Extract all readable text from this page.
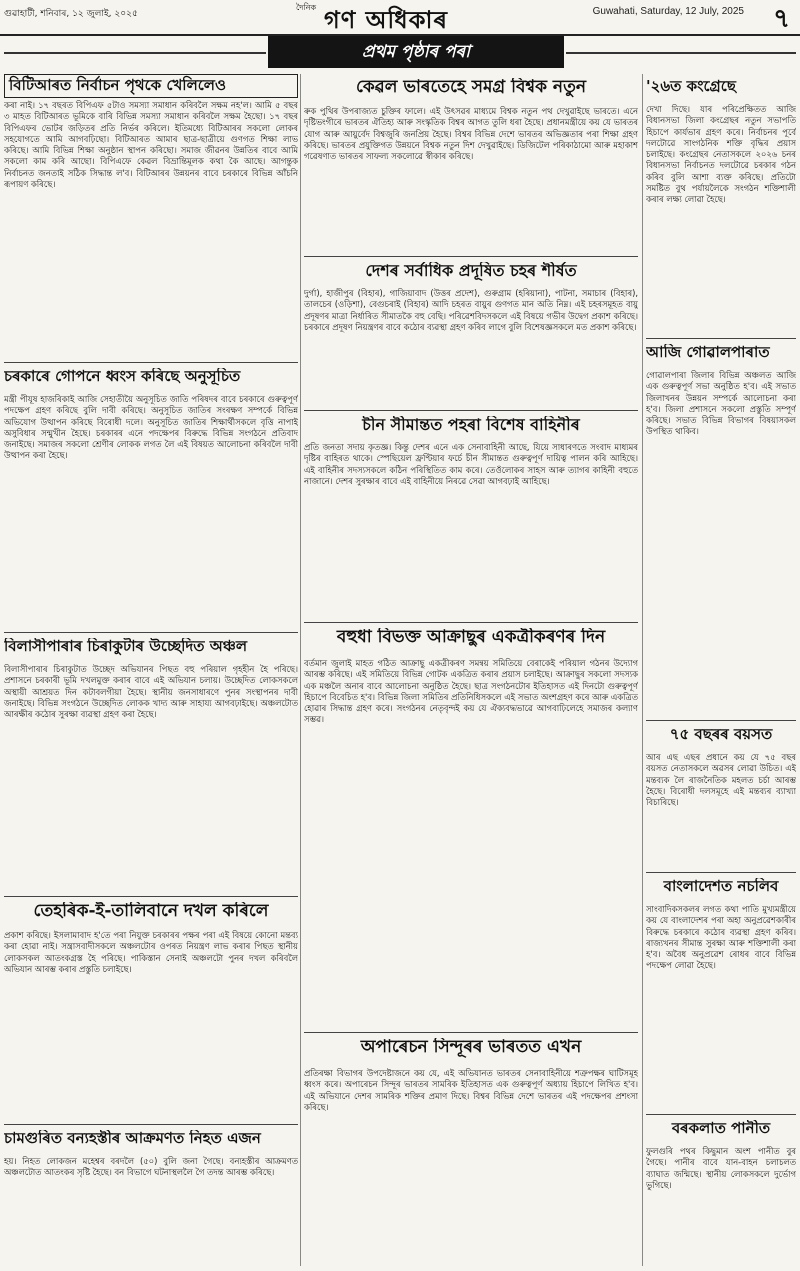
গুৱাহাটী, শনিবাৰ, ১২ জুলাই, ২০২৫
দৈনিক গণ অধিকাৰ	Guwahati, Saturday, 12 July, 2025 ৭
প্ৰথম পৃষ্ঠাৰ পৰা
বিটিআৰত নিৰ্বাচন পৃথকে খেলিলেও

কৰা নাই। ১৭ বছৰত বিপিএফ ৫টাও সমস্যা সমাধান কৰিবলৈ সক্ষম নহ'ল। আমি ৫ বছৰ ৩ মাহত বিটিআৰত ভূমিকে বাৰি বিভিন্ন সমস্যা সমাধান কৰিবলৈ সক্ষম হৈছো। ১৭ বছৰ বিপিএফৰ ভোটৰ জড়িতৰ প্ৰতি নিৰ্ভৰ কৰিলে। ইতিমধ্যে বিটিআৰৰ সকলো লোকৰ সহযোগতে আমি আগবঢ়িছো। বিটিআৰত আমাৰ ছাত্ৰ-ছাত্ৰীয়ে গুণগত শিক্ষা লাভ কৰিছে। আমি বিভিন্ন শিক্ষা অনুষ্ঠান স্থাপন কৰিছো। সমাজ জীৱনৰ উন্নতিৰ বাবে আমি সকলো কাম কৰি আছো। বিপিএফে কেৱল বিভ্ৰান্তিমূলক কথা কৈ আছে। আগন্তুক নিৰ্বাচনত জনতাই সঠিক সিদ্ধান্ত ল'ব। বিটিআৰৰ উন্নয়নৰ বাবে চৰকাৰে বিভিন্ন আঁচনি ৰূপায়ণ কৰিছে।

চৰকাৰে গোপনে ধ্বংস কৰিছে অনুসূচিত

মন্ত্ৰী পীযূষ হাজৰিকাই আজি সেহাতীয়ৈ অনুসূচিত জাতি পৰিষদৰ বাবে চৰকাৰে গুৰুত্বপূৰ্ণ পদক্ষেপ গ্ৰহণ কৰিছে বুলি দাবী কৰিছে। অনুসূচিত জাতিৰ সংৰক্ষণ সম্পৰ্কে বিভিন্ন অভিযোগ উত্থাপন কৰিছে বিৰোধী দলে। অনুসূচিত জাতিৰ শিক্ষাৰ্থীসকলে বৃত্তি নাপাই অসুবিধাৰ সন্মুখীন হৈছে। চৰকাৰৰ এনে পদক্ষেপৰ বিৰুদ্ধে বিভিন্ন সংগঠনে প্ৰতিবাদ জনাইছে। সমাজৰ সকলো শ্ৰেণীৰ লোকক লগত লৈ এই বিষয়ত আলোচনা কৰিবলৈ দাবী উত্থাপন কৰা হৈছে।

বিলাসীপাৰাৰ চিৰাকুটাৰ উচ্ছেদিত অঞ্চল

বিলাসীপাৰাৰ চিৰাকুটাত উচ্ছেদ অভিযানৰ পিছত বহু পৰিয়াল গৃহহীন হৈ পৰিছে। প্ৰশাসনে চৰকাৰী ভূমি দখলমুক্ত কৰাৰ বাবে এই অভিযান চলায়। উচ্ছেদিত লোকসকলে অস্থায়ী আশ্ৰয়ত দিন কটাবলগীয়া হৈছে। স্থানীয় জনসাধাৰণে পুনৰ সংস্থাপনৰ দাবী জনাইছে। বিভিন্ন সংগঠনে উচ্ছেদিত লোকক খাদ্য আৰু সাহায্য আগবঢ়াইছে। অঞ্চলটোত আৰক্ষীৰ কঠোৰ সুৰক্ষা ব্যৱস্থা গ্ৰহণ কৰা হৈছে।

তেহৰিক-ই-তালিবানে দখল কৰিলে

প্ৰকাশ কৰিছে। ইসলামাবাদ হ'তে পৰা নিযুক্ত চৰকাৰৰ পক্ষৰ পৰা এই বিষয়ে কোনো মন্তব্য কৰা হোৱা নাই। সন্ত্ৰাসবাদীসকলে অঞ্চলটোৰ ওপৰত নিয়ন্ত্ৰণ লাভ কৰাৰ পিছত স্থানীয় লোকসকল আতংকগ্ৰস্ত হৈ পৰিছে। পাকিস্তান সেনাই অঞ্চলটো পুনৰ দখল কৰিবলৈ অভিযান আৰম্ভ কৰাৰ প্ৰস্তুতি চলাইছে।

চামগুৰিত বন্যহস্তীৰ আক্ৰমণত নিহত এজন

হয়। নিহত লোকজন মহেশ্বৰ বৰদলৈ (৫০) বুলি জনা গৈছে। বন্যহস্তীৰ আক্ৰমণত অঞ্চলটোত আতংকৰ সৃষ্টি হৈছে। বন বিভাগে ঘটনাস্থললৈ গৈ তদন্ত আৰম্ভ কৰিছে।

কেৱল ভাৰতেহে সমগ্ৰ বিশ্বক নতুন

ৰুক পুথিৰ উপৰাজ্যত চুক্তিৰ ফালে। এই উৎসৱৰ মাধ্যমে বিশ্বক নতুন পথ দেখুৱাইছে ভাৰতে। এনে দৃষ্টিভংগীৰে ভাৰতৰ ঐতিহ্য আৰু সংস্কৃতিক বিশ্বৰ আগত তুলি ধৰা হৈছে। প্ৰধানমন্ত্ৰীয়ে কয় যে ভাৰতৰ যোগ আৰু আয়ুৰ্বেদ বিশ্বজুৰি জনপ্ৰিয় হৈছে। বিশ্বৰ বিভিন্ন দেশে ভাৰতৰ অভিজ্ঞতাৰ পৰা শিক্ষা গ্ৰহণ কৰিছে। ভাৰতৰ প্ৰযুক্তিগত উন্নয়নে বিশ্বক নতুন দিশ দেখুৱাইছে। ডিজিটেল পৰিকাঠামো আৰু মহাকাশ গৱেষণাত ভাৰতৰ সাফল্য সকলোৱে স্বীকাৰ কৰিছে।

দেশৰ সৰ্বাধিক প্ৰদূষিত চহৰ শীৰ্ষত

দুৰ্গা), হাজীপুৰ (বিহাৰ), গাজিয়াবাদ (উত্তৰ প্ৰদেশ), গুৰুগ্ৰাম (হৰিয়ানা), পাটনা, সমাচাৰ (বিহাৰ), তালচেৰ (ওড়িশা), বেগুচৰাই (বিহাৰ) আদি চহৰত বায়ুৰ গুণগত মান অতি নিম্ন। এই চহৰসমূহত বায়ু প্ৰদূষণৰ মাত্ৰা নিৰ্ধাৰিত সীমাতকৈ বহু বেছি। পৰিৱেশবিদসকলে এই বিষয়ে গভীৰ উদ্বেগ প্ৰকাশ কৰিছে। চৰকাৰে প্ৰদূষণ নিয়ন্ত্ৰণৰ বাবে কঠোৰ ব্যৱস্থা গ্ৰহণ কৰিব লাগে বুলি বিশেষজ্ঞসকলে মত প্ৰকাশ কৰিছে।

চীন সীমান্তত পহৰা বিশেষ বাহিনীৰ

প্ৰতি জনতা সদায় কৃতজ্ঞ। কিন্তু দেশৰ এনে এক সেনাবাহিনী আছে, যিয়ে সাধাৰণতে সংবাদ মাধ্যমৰ দৃষ্টিৰ বাহিৰত থাকে। স্পেছিয়েল ফ্ৰণ্টিয়াৰ ফৰ্চে চীন সীমান্তত গুৰুত্বপূৰ্ণ দায়িত্ব পালন কৰি আহিছে। এই বাহিনীৰ সদস্যসকলে কঠিন পৰিস্থিতিত কাম কৰে। তেওঁলোকৰ সাহস আৰু ত্যাগৰ কাহিনী বহুতে নাজানে। দেশৰ সুৰক্ষাৰ বাবে এই বাহিনীয়ে নিৰৱে সেৱা আগবঢ়াই আহিছে।

বহুধা বিভক্ত আক্ৰাছুৰ একত্ৰীকৰণৰ দিন

বৰ্তমান জুলাই মাহত গঠিত আক্ৰাছু একত্ৰীকৰণ সমন্বয় সমিতিয়ে বেৰাকেই পৰিয়াল গঠনৰ উদ্যোগ আৰম্ভ কৰিছে। এই সমিতিয়ে বিভিন্ন গোটক একত্ৰিত কৰাৰ প্ৰয়াস চলাইছে। আক্ৰাছুৰ সকলো সদস্যক এক মঞ্চলৈ অনাৰ বাবে আলোচনা অনুষ্ঠিত হৈছে। ছাত্ৰ সংগঠনটোৰ ইতিহাসত এই দিনটো গুৰুত্বপূৰ্ণ হিচাপে বিবেচিত হ'ব। বিভিন্ন জিলা সমিতিৰ প্ৰতিনিধিসকলে এই সভাত অংশগ্ৰহণ কৰে আৰু একত্ৰিত হোৱাৰ সিদ্ধান্ত গ্ৰহণ কৰে। সংগঠনৰ নেতৃবৃন্দই কয় যে ঐক্যবদ্ধভাৱে আগবাঢ়িলেহে সমাজৰ কল্যাণ সম্ভৱ।

অপাৰেচন সিন্দূৰৰ ভাৰতত এখন

প্ৰতিৰক্ষা বিভাগৰ উপদেষ্টাজনে কয় যে, এই অভিযানত ভাৰতৰ সেনাবাহিনীয়ে শত্ৰুপক্ষৰ ঘাটিসমূহ ধ্বংস কৰে। অপাৰেচন সিন্দূৰ ভাৰতৰ সামৰিক ইতিহাসত এক গুৰুত্বপূৰ্ণ অধ্যায় হিচাপে লিখিত হ'ব। এই অভিযানে দেশৰ সামৰিক শক্তিৰ প্ৰমাণ দিছে। বিশ্বৰ বিভিন্ন দেশে ভাৰতৰ এই পদক্ষেপৰ প্ৰশংসা কৰিছে।

'২৬ত কংগ্ৰেছে

দেখা দিছে। যাৰ পৰিপ্ৰেক্ষিতত আজি বিধানসভা জিলা কংগ্ৰেছৰ নতুন সভাপতি হিচাপে কাৰ্যভাৰ গ্ৰহণ কৰে। নিৰ্বাচনৰ পূৰ্বে দলটোৱে সাংগঠনিক শক্তি বৃদ্ধিৰ প্ৰয়াস চলাইছে। কংগ্ৰেছৰ নেতাসকলে ২০২৬ চনৰ বিধানসভা নিৰ্বাচনত দলটোৱে চৰকাৰ গঠন কৰিব বুলি আশা ব্যক্ত কৰিছে। প্ৰতিটো সমষ্টিত বুথ পৰ্যায়লৈকে সংগঠন শক্তিশালী কৰাৰ লক্ষ্য লোৱা হৈছে।

আজি গোৱালপাৰাত

গোৱালপাৰা জিলাৰ বিভিন্ন অঞ্চলত আজি এক গুৰুত্বপূৰ্ণ সভা অনুষ্ঠিত হ'ব। এই সভাত জিলাখনৰ উন্নয়ন সম্পৰ্কে আলোচনা কৰা হ'ব। জিলা প্ৰশাসনে সকলো প্ৰস্তুতি সম্পূৰ্ণ কৰিছে। সভাত বিভিন্ন বিভাগৰ বিষয়াসকল উপস্থিত থাকিব।

৭৫ বছৰৰ বয়সত

আৰ এছ এছৰ প্ৰধানে কয় যে ৭৫ বছৰ বয়সত নেতাসকলে অৱসৰ লোৱা উচিত। এই মন্তব্যক লৈ ৰাজনৈতিক মহলত চৰ্চা আৰম্ভ হৈছে। বিৰোধী দলসমূহে এই মন্তব্যৰ ব্যাখ্যা বিচাৰিছে।

বাংলাদেশত নচলিব

সাংবাদিকসকলৰ লগত কথা পাতি মুখ্যমন্ত্ৰীয়ে কয় যে বাংলাদেশৰ পৰা অহা অনুপ্ৰৱেশকাৰীৰ বিৰুদ্ধে চৰকাৰে কঠোৰ ব্যৱস্থা গ্ৰহণ কৰিব। ৰাজ্যখনৰ সীমান্ত সুৰক্ষা আৰু শক্তিশালী কৰা হ'ব। অবৈধ অনুপ্ৰৱেশ ৰোধৰ বাবে বিভিন্ন পদক্ষেপ লোৱা হৈছে।

বৰকলাত পানীত

ফুলগুৰি পথৰ কিছুমান অংশ পানীত বুৰ গৈছে। পানীৰ বাবে যান-বাহন চলাচলত ব্যাঘাত জন্মিছে। স্থানীয় লোকসকলে দুৰ্ভোগ ভুগিছে।
